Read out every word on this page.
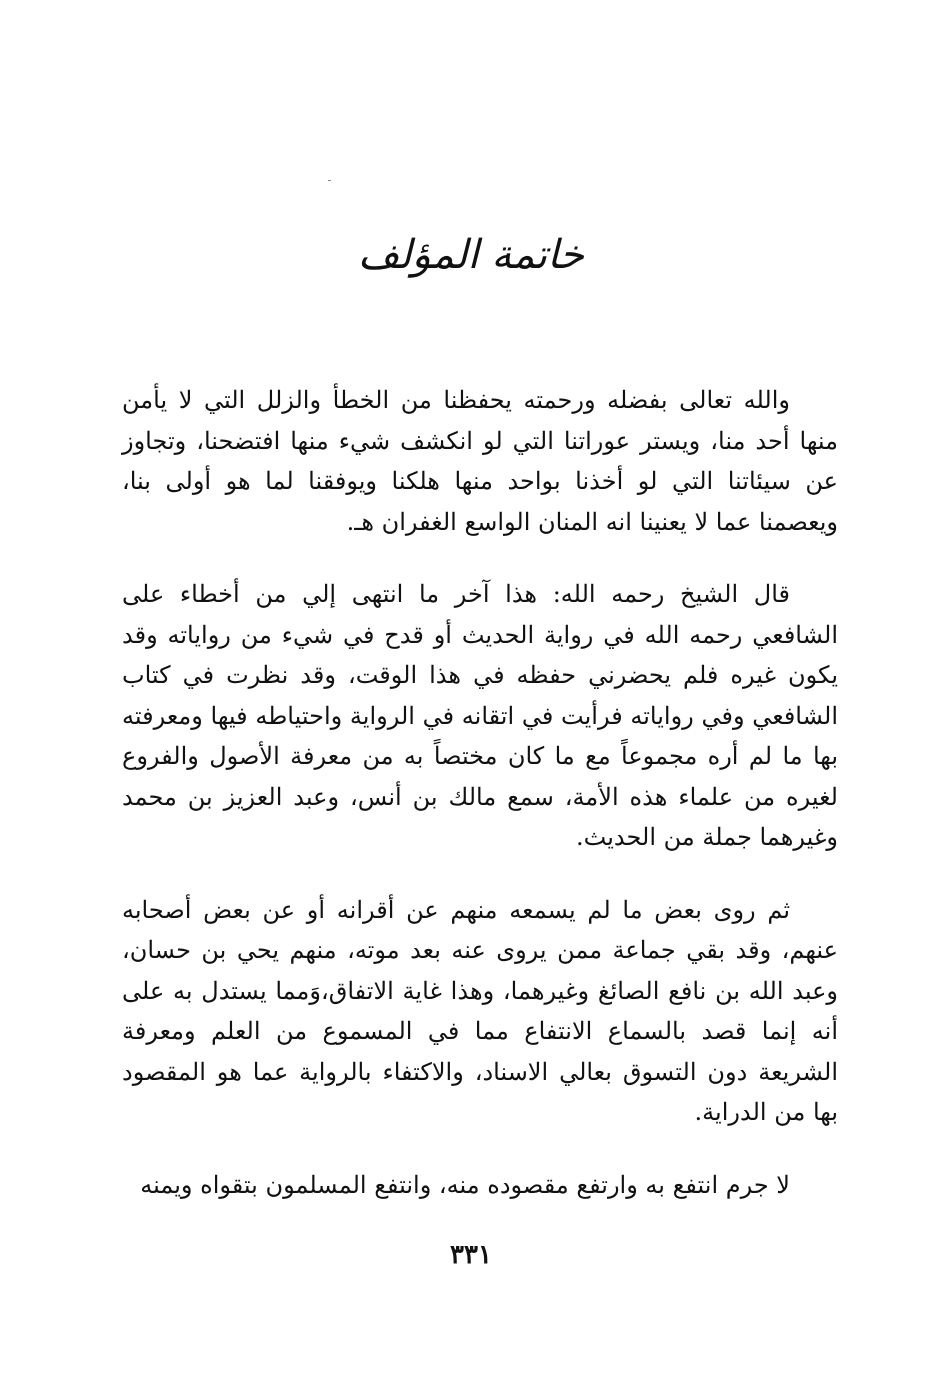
خاتمة المؤلف

والله تعالى بفضله ورحمته يحفظنا من الخطأ والزلل التي لا يأمن منها أحد منا، ويستر عوراتنا التي لو انكشف شيء منها افتضحنا، وتجاوز عن سيئاتنا التي لو أخذنا بواحد منها هلكنا ويوفقنا لما هو أولى بنا، ويعصمنا عما لا يعنينا انه المنان الواسع الغفران هـ.

قال الشيخ رحمه الله: هذا آخر ما انتهى إلي من أخطاء على الشافعي رحمه الله في رواية الحديث أو قدح في شيء من رواياته وقد يكون غيره فلم يحضرني حفظه في هذا الوقت، وقد نظرت في كتاب الشافعي وفي رواياته فرأيت في اتقانه في الرواية واحتياطه فيها ومعرفته بها ما لم أره مجموعاً مع ما كان مختصاً به من معرفة الأصول والفروع لغيره من علماء هذه الأمة، سمع مالك بن أنس، وعبد العزيز بن محمد وغيرهما جملة من الحديث.

ثم روى بعض ما لم يسمعه منهم عن أقرانه أو عن بعض أصحابه عنهم، وقد بقي جماعة ممن يروى عنه بعد موته، منهم يحي بن حسان، وعبد الله بن نافع الصائغ وغيرهما، وهذا غاية الاتفاق،وَمما يستدل به على أنه إنما قصد بالسماع الانتفاع مما في المسموع من العلم ومعرفة الشريعة دون التسوق بعالي الاسناد، والاكتفاء بالرواية عما هو المقصود بها من الدراية.

لا جرم انتفع به وارتفع مقصوده منه، وانتفع المسلمون بتقواه ويمنه

٣٣١
